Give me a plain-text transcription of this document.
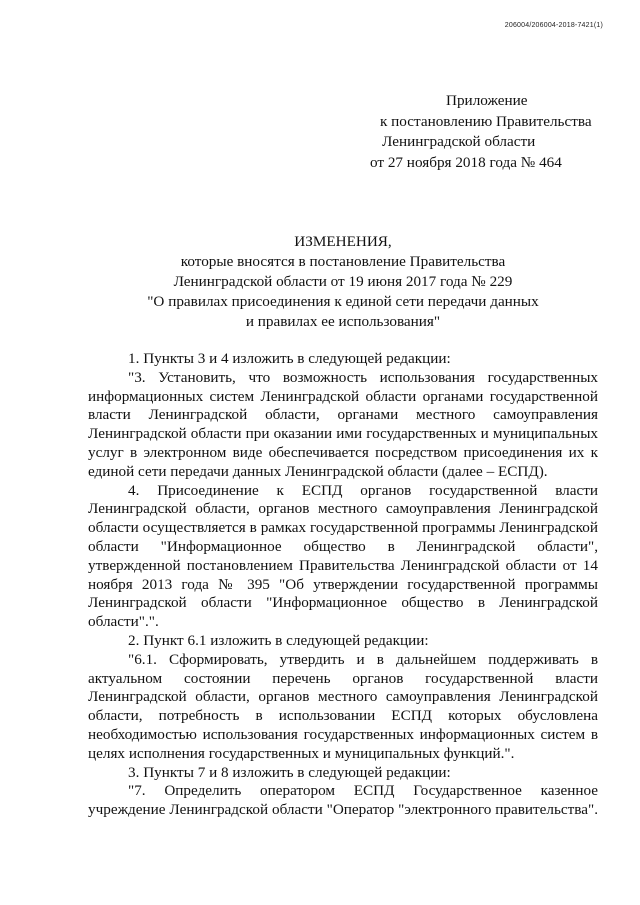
206004/206004-2018-7421(1)
Приложение
к постановлению Правительства
Ленинградской области
от 27 ноября 2018 года № 464
ИЗМЕНЕНИЯ,
которые вносятся в постановление Правительства
Ленинградской области от 19 июня 2017 года № 229
"О правилах присоединения к единой сети передачи данных
и правилах ее использования"

1. Пункты 3 и 4 изложить в следующей редакции:

"3. Установить, что возможность использования государственных информационных систем Ленинградской области органами государственной власти Ленинградской области, органами местного самоуправления Ленинградской области при оказании ими государственных и муниципальных услуг в электронном виде обеспечивается посредством присоединения их к единой сети передачи данных Ленинградской области (далее – ЕСПД).

4. Присоединение к ЕСПД органов государственной власти Ленинградской области, органов местного самоуправления Ленинградской области осуществляется в рамках государственной программы Ленинградской области "Информационное общество в Ленинградской области", утвержденной постановлением Правительства Ленинградской области от 14 ноября 2013 года № 395 "Об утверждении государственной программы Ленинградской области "Информационное общество в Ленинградской области".".

2. Пункт 6.1 изложить в следующей редакции:

"6.1. Сформировать, утвердить и в дальнейшем поддерживать в актуальном состоянии перечень органов государственной власти Ленинградской области, органов местного самоуправления Ленинградской области, потребность в использовании ЕСПД которых обусловлена необходимостью использования государственных информационных систем в целях исполнения государственных и муниципальных функций.".

3. Пункты 7 и 8 изложить в следующей редакции:

"7. Определить оператором ЕСПД Государственное казенное учреждение Ленинградской области "Оператор "электронного правительства".
